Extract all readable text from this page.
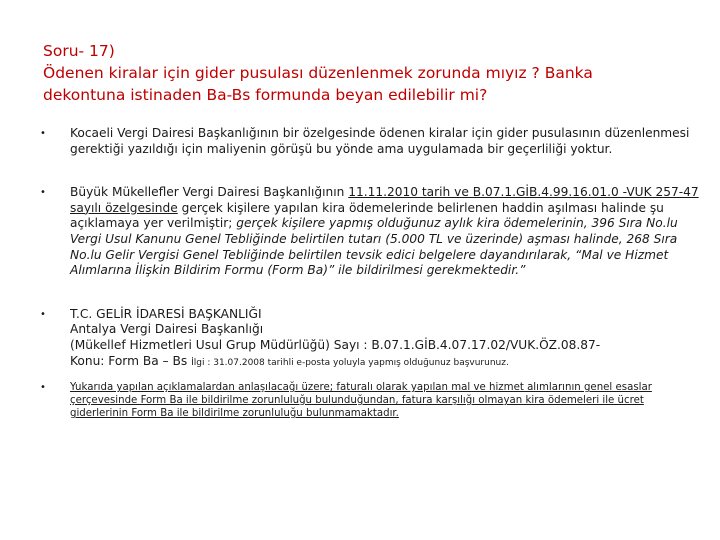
Soru- 17)
Ödenen kiralar için gider pusulası düzenlenmek zorunda mıyız ? Banka
dekontuna istinaden Ba-Bs formunda beyan edilebilir mi?
• Kocaeli Vergi Dairesi Başkanlığının bir özelgesinde ödenen kiralar için gider pusulasının düzenlenmesi gerektiği yazıldığı için maliyenin görüşü bu yönde ama uygulamada bir geçerliliği yoktur.
• Büyük Mükellefler Vergi Dairesi Başkanlığının 11.11.2010 tarih ve B.07.1.GİB.4.99.16.01.0 -VUK 257-47 sayılı özelgesinde gerçek kişilere yapılan kira ödemelerinde belirlenen haddin aşılması halinde şu açıklamaya yer verilmiştir; gerçek kişilere yapmış olduğunuz aylık kira ödemelerinin, 396 Sıra No.lu Vergi Usul Kanunu Genel Tebliğinde belirtilen tutarı (5.000 TL ve üzerinde) aşması halinde, 268 Sıra No.lu Gelir Vergisi Genel Tebliğinde belirtilen tevsik edici belgelere dayandırılarak, “Mal ve Hizmet Alımlarına İlişkin Bildirim Formu (Form Ba)” ile bildirilmesi gerekmektedir.”
• T.C. GELİR İDARESİ BAŞKANLIĞI
Antalya Vergi Dairesi Başkanlığı
(Mükellef Hizmetleri Usul Grup Müdürlüğü) Sayı : B.07.1.GİB.4.07.17.02/VUK.ÖZ.08.87-
Konu: Form Ba – Bs İlgi : 31.07.2008 tarihli e-posta yoluyla yapmış olduğunuz başvurunuz.
• Yukarıda yapılan açıklamalardan anlaşılacağı üzere; faturalı olarak yapılan mal ve hizmet alımlarının genel esaslar çerçevesinde Form Ba ile bildirilme zorunluluğu bulunduğundan, fatura karşılığı olmayan kira ödemeleri ile ücret giderlerinin Form Ba ile bildirilme zorunluluğu bulunmamaktadır.
